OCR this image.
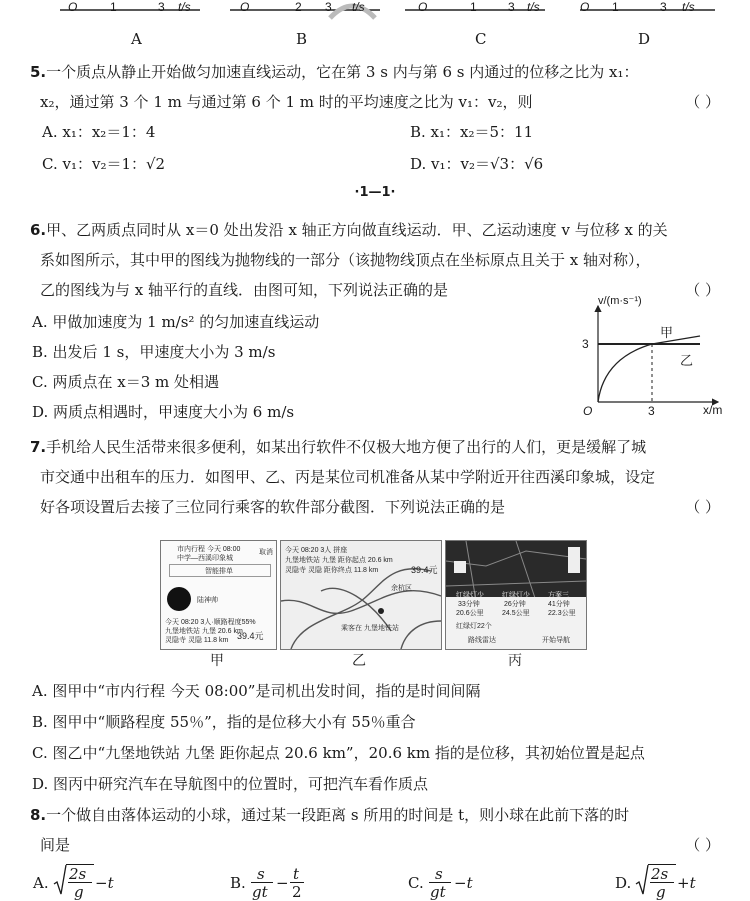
O	1	3 t/s	O	2 3 t/s	O	1	3 t/s	O 1	3 t/s
A	B	C	D
5.一个质点从静止开始做匀加速直线运动，它在第 3 s 内与第 6 s 内通过的位移之比为 x₁：
x₂，通过第 3 个 1 m 与通过第 6 个 1 m 时的平均速度之比为 v₁：v₂，则	（ ）
A. x₁：x₂＝1：4	B. x₁：x₂＝5：11
C. v₁：v₂＝1：√2	D. v₁：v₂＝√3：√6
·1—1·
6.甲、乙两质点同时从 x＝0 处出发沿 x 轴正方向做直线运动．甲、乙运动速度 v 与位移 x 的关
系如图所示，其中甲的图线为抛物线的一部分（该抛物线顶点在坐标原点且关于 x 轴对称），
乙的图线为与 x 轴平行的直线．由图可知，下列说法正确的是	（ ）
A. 甲做加速度为 1 m/s² 的匀加速直线运动
B. 出发后 1 s，甲速度大小为 3 m/s
C. 两质点在 x＝3 m 处相遇
D. 两质点相遇时，甲速度大小为 6 m/s
v/(m·s⁻¹)
x/m
O
3
3
甲
乙
7.手机给人民生活带来很多便利，如某出行软件不仅极大地方便了出行的人们，更是缓解了城
市交通中出租车的压力．如图甲、乙、丙是某位司机准备从某中学附近开往西溪印象城，设定
好各项设置后去接了三位同行乘客的软件部分截图．下列说法正确的是	（ ）
市内行程 今天 08:00
中学—西溪印象城
取消
智能排单
陆神帅
今天 08:20 3人·顺路程度55%
九堡地铁站 九堡 20.6 km
灵隐寺 灵隐 11.8 km 39.4元
今天 08:20 3人 拼座
九堡地铁站 九堡 距你起点 20.6 km
灵隐寺 灵隐 距你终点 11.8 km	39.4元
余杭区
乘客在 九堡地铁站
红绿灯少
33分钟
20.6公里
红绿灯少
26分钟
24.5公里
方案三
41分钟
22.3公里
红绿灯22个
路线雷达	开始导航
甲	乙	丙
A. 图甲中“市内行程 今天 08:00”是司机出发时间，指的是时间间隔
B. 图甲中“顺路程度 55％”，指的是位移大小有 55％重合
C. 图乙中“九堡地铁站 九堡 距你起点 20.6 km”，20.6 km 指的是位移，其初始位置是起点
D. 图丙中研究汽车在导航图中的位置时，可把汽车看作质点
8.一个做自由落体运动的小球，通过某一段距离 s 所用的时间是 t，则小球在此前下落的时
间是	（ ）
A. 2s
g −t	B. s
gt − t
2	C. s
gt −t	D. 2s
g +t
